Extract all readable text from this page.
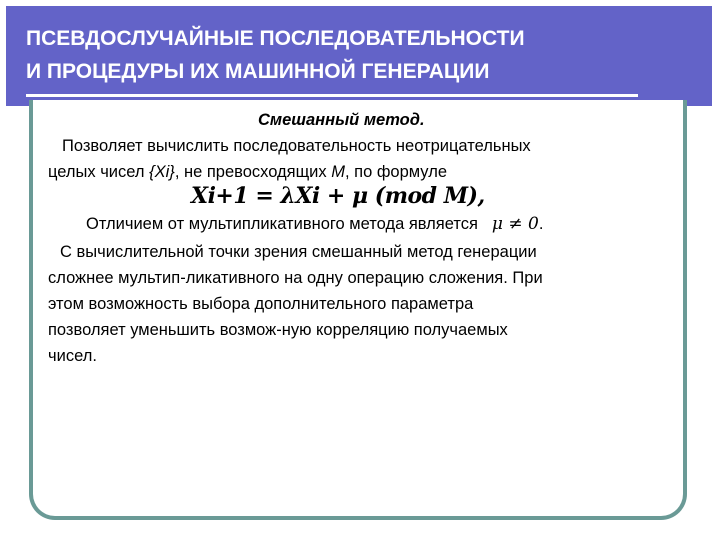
ПСЕВДОСЛУЧАЙНЫЕ ПОСЛЕДОВАТЕЛЬНОСТИ
И ПРОЦЕДУРЫ ИХ МАШИННОЙ ГЕНЕРАЦИИ
Смешанный метод.
Позволяет вычислить последовательность неотрицательных
целых чисел {Xi}, не превосходящих M, по формуле
Xi+1 = λXi + μ (mod M),
Отличием от мультипликативного метода является μ ≠ 0.
С вычислительной точки зрения смешанный метод генерации
сложнее мультип-ликативного на одну операцию сложения. При
этом возможность выбора дополнительного параметра
позволяет уменьшить возмож-ную корреляцию получаемых
чисел.
